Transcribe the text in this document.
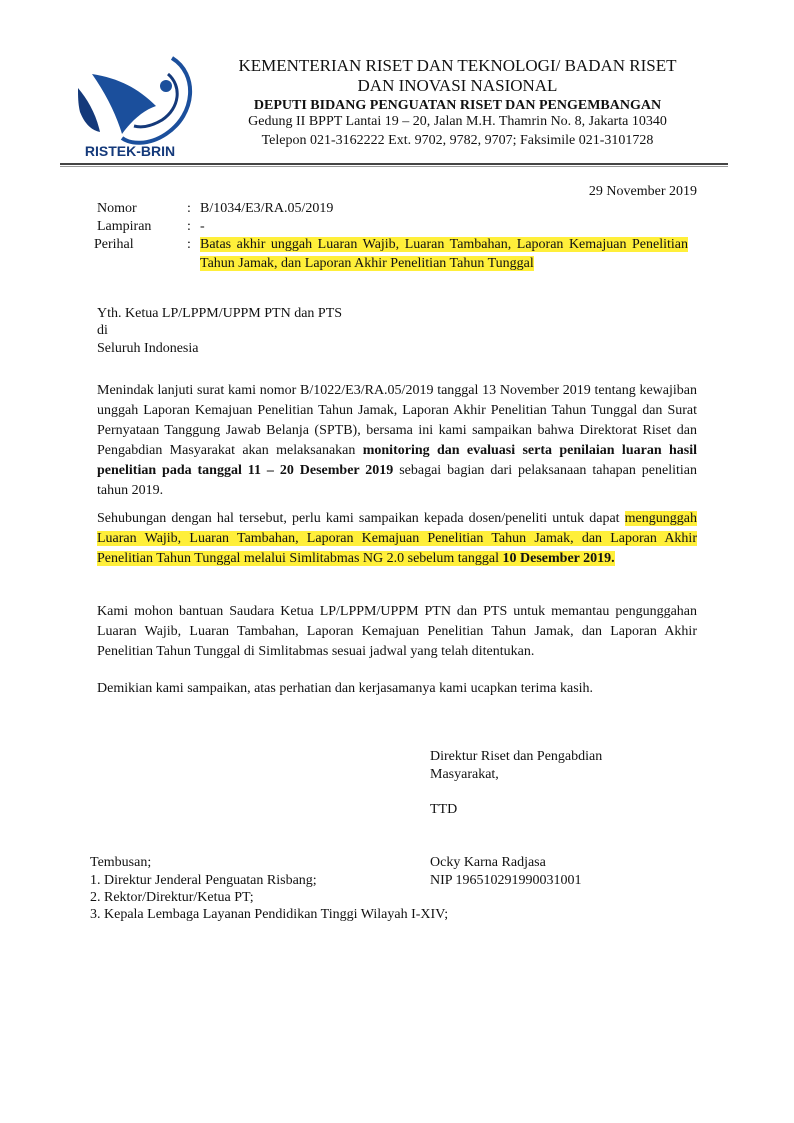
RISTEK-BRIN
KEMENTERIAN RISET DAN TEKNOLOGI/ BADAN RISET
DAN INOVASI NASIONAL
DEPUTI BIDANG PENGUATAN RISET DAN PENGEMBANGAN
Gedung II BPPT Lantai 19 – 20, Jalan M.H. Thamrin No. 8, Jakarta 10340
Telepon 021-3162222 Ext. 9702, 9782, 9707; Faksimile 021-3101728
29 November 2019
Nomor	: B/1034/E3/RA.05/2019
Lampiran	: -
Perihal	: Batas akhir unggah Luaran Wajib, Luaran Tambahan, Laporan Kemajuan Penelitian Tahun Jamak, dan Laporan Akhir Penelitian Tahun Tunggal
Yth. Ketua LP/LPPM/UPPM PTN dan PTS
di
Seluruh Indonesia
Menindak lanjuti surat kami nomor B/1022/E3/RA.05/2019 tanggal 13 November 2019 tentang kewajiban unggah Laporan Kemajuan Penelitian Tahun Jamak, Laporan Akhir Penelitian Tahun Tunggal dan Surat Pernyataan Tanggung Jawab Belanja (SPTB), bersama ini kami sampaikan bahwa Direktorat Riset dan Pengabdian Masyarakat akan melaksanakan monitoring dan evaluasi serta penilaian luaran hasil penelitian pada tanggal 11 – 20 Desember 2019 sebagai bagian dari pelaksanaan tahapan penelitian tahun 2019.
Sehubungan dengan hal tersebut, perlu kami sampaikan kepada dosen/peneliti untuk dapat mengunggah Luaran Wajib, Luaran Tambahan, Laporan Kemajuan Penelitian Tahun Jamak, dan Laporan Akhir Penelitian Tahun Tunggal melalui Simlitabmas NG 2.0 sebelum tanggal 10 Desember 2019.
Kami mohon bantuan Saudara Ketua LP/LPPM/UPPM PTN dan PTS untuk memantau pengunggahan Luaran Wajib, Luaran Tambahan, Laporan Kemajuan Penelitian Tahun Jamak, dan Laporan Akhir Penelitian Tahun Tunggal di Simlitabmas sesuai jadwal yang telah ditentukan.
Demikian kami sampaikan, atas perhatian dan kerjasamanya kami ucapkan terima kasih.
Direktur Riset dan Pengabdian
Masyarakat,
TTD
Ocky Karna Radjasa
NIP 196510291990031001
Tembusan;
1. Direktur Jenderal Penguatan Risbang;
2. Rektor/Direktur/Ketua PT;
3. Kepala Lembaga Layanan Pendidikan Tinggi Wilayah I-XIV;
